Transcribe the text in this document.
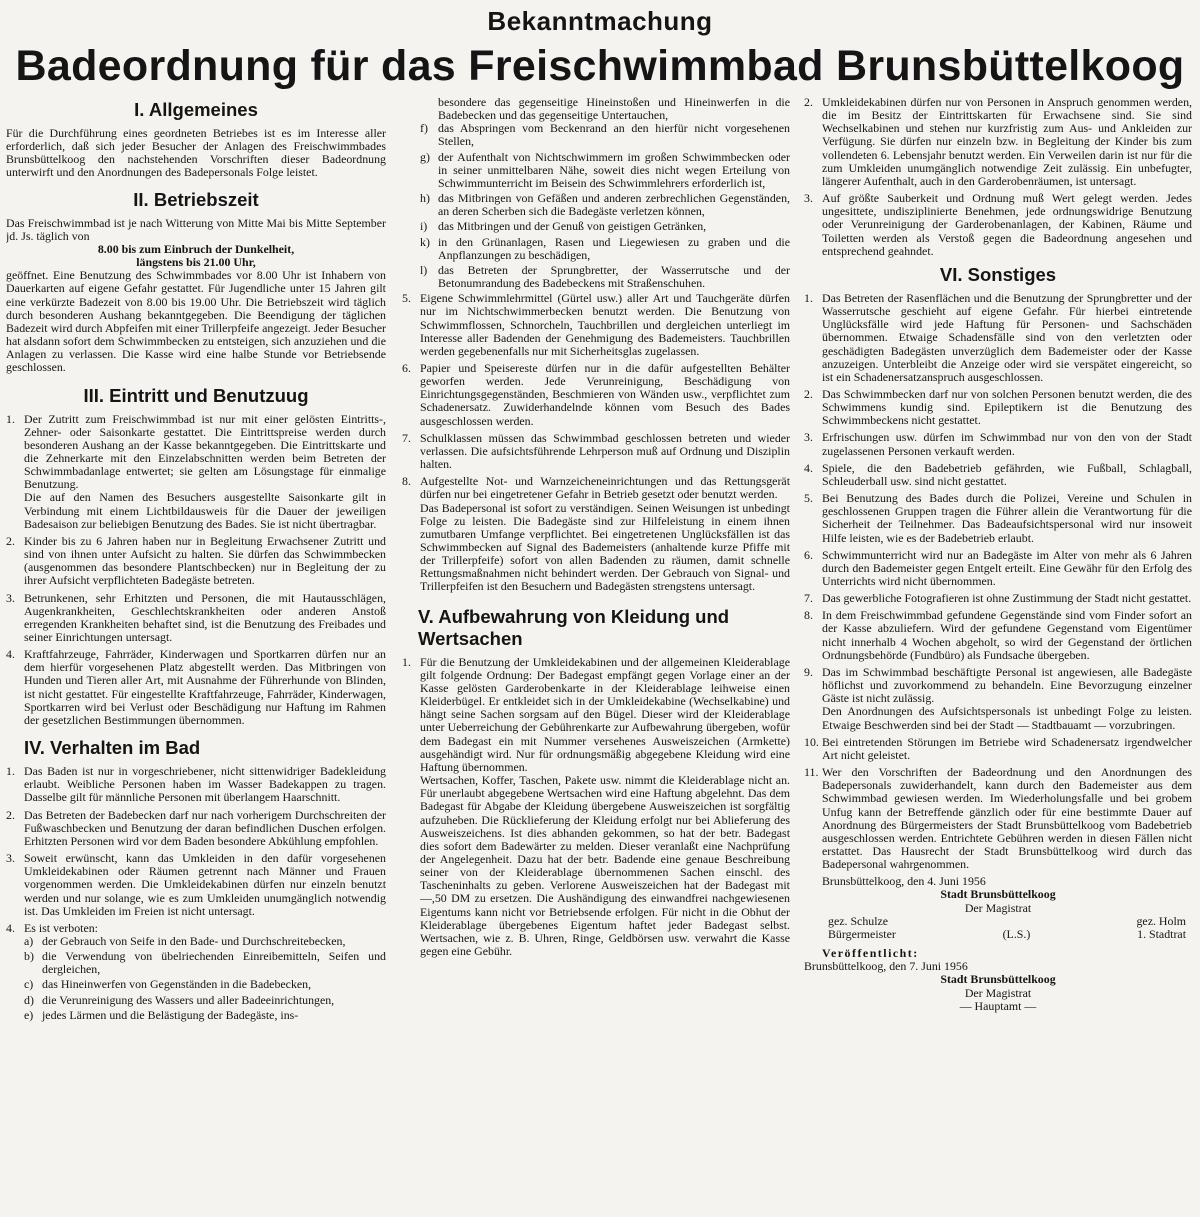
Bekanntmachung
Badeordnung für das Freischwimmbad Brunsbüttelkoog
I. Allgemeines

Für die Durchführung eines geordneten Betriebes ist es im Interesse aller erforderlich, daß sich jeder Besucher der Anlagen des Freischwimmbades Brunsbüttelkoog den nachstehenden Vorschriften dieser Badeordnung unterwirft und den Anordnungen des Badepersonals Folge leistet.

II. Betriebszeit

Das Freischwimmbad ist je nach Witterung von Mitte Mai bis Mitte September jd. Js. täglich von

8.00 bis zum Einbruch der Dunkelheit,

längstens bis 21.00 Uhr,

geöffnet. Eine Benutzung des Schwimmbades vor 8.00 Uhr ist Inhabern von Dauerkarten auf eigene Gefahr gestattet. Für Jugendliche unter 15 Jahren gilt eine verkürzte Badezeit von 8.00 bis 19.00 Uhr. Die Betriebszeit wird täglich durch besonderen Aushang bekanntgegeben. Die Beendigung der täglichen Badezeit wird durch Abpfeifen mit einer Trillerpfeife angezeigt. Jeder Besucher hat alsdann sofort dem Schwimmbecken zu entsteigen, sich anzuziehen und die Anlagen zu verlassen. Die Kasse wird eine halbe Stunde vor Betriebsende geschlossen.

III. Eintritt und Benutzuug
1. Der Zutritt zum Freischwimmbad ist nur mit einer gelösten Eintritts-, Zehner- oder Saisonkarte gestattet. Die Eintrittspreise werden durch besonderen Aushang an der Kasse bekanntgegeben. Die Eintrittskarte und die Zehnerkarte mit den Einzelabschnitten werden beim Betreten der Schwimmbadanlage entwertet; sie gelten am Lösungstage für einmalige Benutzung.

Die auf den Namen des Besuchers ausgestellte Saisonkarte gilt in Verbindung mit einem Lichtbildausweis für die Dauer der jeweiligen Badesaison zur beliebigen Benutzung des Bades. Sie ist nicht übertragbar.

2. Kinder bis zu 6 Jahren haben nur in Begleitung Erwachsener Zutritt und sind von ihnen unter Aufsicht zu halten. Sie dürfen das Schwimmbecken (ausgenommen das besondere Plantschbecken) nur in Begleitung der zu ihrer Aufsicht verpflichteten Badegäste betreten.

3. Betrunkenen, sehr Erhitzten und Personen, die mit Hautausschlägen, Augenkrankheiten, Geschlechtskrankheiten oder anderen Anstoß erregenden Krankheiten behaftet sind, ist die Benutzung des Freibades und seiner Einrichtungen untersagt.

4. Kraftfahrzeuge, Fahrräder, Kinderwagen und Sportkarren dürfen nur an dem hierfür vorgesehenen Platz abgestellt werden. Das Mitbringen von Hunden und Tieren aller Art, mit Ausnahme der Führerhunde von Blinden, ist nicht gestattet. Für eingestellte Kraftfahrzeuge, Fahrräder, Kinderwagen, Sportkarren wird bei Verlust oder Beschädigung nur Haftung im Rahmen der gesetzlichen Bestimmungen übernommen.

IV. Verhalten im Bad
1. Das Baden ist nur in vorgeschriebener, nicht sittenwidriger Badekleidung erlaubt. Weibliche Personen haben im Wasser Badekappen zu tragen. Dasselbe gilt für männliche Personen mit überlangem Haarschnitt.

2. Das Betreten der Badebecken darf nur nach vorherigem Durchschreiten der Fußwaschbecken und Benutzung der daran befindlichen Duschen erfolgen. Erhitzten Personen wird vor dem Baden besondere Abkühlung empfohlen.

3. Soweit erwünscht, kann das Umkleiden in den dafür vorgesehenen Umkleidekabinen oder Räumen getrennt nach Männer und Frauen vorgenommen werden. Die Umkleidekabinen dürfen nur einzeln benutzt werden und nur solange, wie es zum Umkleiden unumgänglich notwendig ist. Das Umkleiden im Freien ist nicht untersagt.

4. Es ist verboten:

a) der Gebrauch von Seife in den Bade- und Durchschreitebecken,
b) die Verwendung von übelriechenden Einreibemitteln, Seifen und dergleichen,
c) das Hineinwerfen von Gegenständen in die Badebecken,
d) die Verunreinigung des Wassers und aller Badeeinrichtungen,
e) jedes Lärmen und die Belästigung der Badegäste, ins-

besondere das gegenseitige Hineinstoßen und Hineinwerfen in die Badebecken und das gegenseitige Untertauchen,

f) das Abspringen vom Beckenrand an den hierfür nicht vorgesehenen Stellen,
g) der Aufenthalt von Nichtschwimmern im großen Schwimmbecken oder in seiner unmittelbaren Nähe, soweit dies nicht wegen Erteilung von Schwimmunterricht im Beisein des Schwimmlehrers erforderlich ist,
h) das Mitbringen von Gefäßen und anderen zerbrechlichen Gegenständen, an deren Scherben sich die Badegäste verletzen können,
i) das Mitbringen und der Genuß von geistigen Getränken,
k) in den Grünanlagen, Rasen und Liegewiesen zu graben und die Anpflanzungen zu beschädigen,
l) das Betreten der Sprungbretter, der Wasserrutsche und der Betonumrandung des Badebeckens mit Straßenschuhen.
5. Eigene Schwimmlehrmittel (Gürtel usw.) aller Art und Tauchgeräte dürfen nur im Nichtschwimmerbecken benutzt werden. Die Benutzung von Schwimmflossen, Schnorcheln, Tauchbrillen und dergleichen unterliegt im Interesse aller Badenden der Genehmigung des Bademeisters. Tauchbrillen werden gegebenenfalls nur mit Sicherheitsglas zugelassen.

6. Papier und Speisereste dürfen nur in die dafür aufgestellten Behälter geworfen werden. Jede Verunreinigung, Beschädigung von Einrichtungsgegenständen, Beschmieren von Wänden usw., verpflichtet zum Schadenersatz. Zuwiderhandelnde können vom Besuch des Bades ausgeschlossen werden.

7. Schulklassen müssen das Schwimmbad geschlossen betreten und wieder verlassen. Die aufsichtsführende Lehrperson muß auf Ordnung und Disziplin halten.

8. Aufgestellte Not- und Warnzeicheneinrichtungen und das Rettungsgerät dürfen nur bei eingetretener Gefahr in Betrieb gesetzt oder benutzt werden.

Das Badepersonal ist sofort zu verständigen. Seinen Weisungen ist unbedingt Folge zu leisten. Die Badegäste sind zur Hilfeleistung in einem ihnen zumutbaren Umfange verpflichtet. Bei eingetretenen Unglücksfällen ist das Schwimmbecken auf Signal des Bademeisters (anhaltende kurze Pfiffe mit der Trillerpfeife) sofort von allen Badenden zu räumen, damit schnelle Rettungsmaßnahmen nicht behindert werden. Der Gebrauch von Signal- und Trillerpfeifen ist den Besuchern und Badegästen strengstens untersagt.

V. Aufbewahrung von Kleidung und Wertsachen
1. Für die Benutzung der Umkleidekabinen und der allgemeinen Kleiderablage gilt folgende Ordnung: Der Badegast empfängt gegen Vorlage einer an der Kasse gelösten Garderobenkarte in der Kleiderablage leihweise einen Kleiderbügel. Er entkleidet sich in der Umkleidekabine (Wechselkabine) und hängt seine Sachen sorgsam auf den Bügel. Dieser wird der Kleiderablage unter Ueberreichung der Gebührenkarte zur Aufbewahrung übergeben, wofür dem Badegast ein mit Nummer versehenes Ausweiszeichen (Armkette) ausgehändigt wird. Nur für ordnungsmäßig abgegebene Kleidung wird eine Haftung übernommen.

Wertsachen, Koffer, Taschen, Pakete usw. nimmt die Kleiderablage nicht an. Für unerlaubt abgegebene Wertsachen wird eine Haftung abgelehnt. Das dem Badegast für Abgabe der Kleidung übergebene Ausweiszeichen ist sorgfältig aufzuheben. Die Rücklieferung der Kleidung erfolgt nur bei Ablieferung des Ausweiszeichens. Ist dies abhanden gekommen, so hat der betr. Badegast dies sofort dem Badewärter zu melden. Dieser veranlaßt eine Nachprüfung der Angelegenheit. Dazu hat der betr. Badende eine genaue Beschreibung seiner von der Kleiderablage übernommenen Sachen einschl. des Tascheninhalts zu geben. Verlorene Ausweiszeichen hat der Badegast mit —,50 DM zu ersetzen. Die Aushändigung des einwandfrei nachgewiesenen Eigentums kann nicht vor Betriebsende erfolgen. Für nicht in die Obhut der Kleiderablage übergebenes Eigentum haftet jeder Badegast selbst. Wertsachen, wie z. B. Uhren, Ringe, Geldbörsen usw. verwahrt die Kasse gegen eine Gebühr.

2. Umkleidekabinen dürfen nur von Personen in Anspruch genommen werden, die im Besitz der Eintrittskarten für Erwachsene sind. Sie sind Wechselkabinen und stehen nur kurzfristig zum Aus- und Ankleiden zur Verfügung. Sie dürfen nur einzeln bzw. in Begleitung der Kinder bis zum vollendeten 6. Lebensjahr benutzt werden. Ein Verweilen darin ist nur für die zum Umkleiden unumgänglich notwendige Zeit zulässig. Ein unbefugter, längerer Aufenthalt, auch in den Garderobenräumen, ist untersagt.

3. Auf größte Sauberkeit und Ordnung muß Wert gelegt werden. Jedes ungesittete, undisziplinierte Benehmen, jede ordnungswidrige Benutzung oder Verunreinigung der Garderobenanlagen, der Kabinen, Räume und Toiletten werden als Verstoß gegen die Badeordnung angesehen und entsprechend geahndet.

VI. Sonstiges
1. Das Betreten der Rasenflächen und die Benutzung der Sprungbretter und der Wasserrutsche geschieht auf eigene Gefahr. Für hierbei eintretende Unglücksfälle wird jede Haftung für Personen- und Sachschäden übernommen. Etwaige Schadensfälle sind von den verletzten oder geschädigten Badegästen unverzüglich dem Bademeister oder der Kasse anzuzeigen. Unterbleibt die Anzeige oder wird sie verspätet eingereicht, so ist ein Schadenersatzanspruch ausgeschlossen.

2. Das Schwimmbecken darf nur von solchen Personen benutzt werden, die des Schwimmens kundig sind. Epileptikern ist die Benutzung des Schwimmbeckens nicht gestattet.

3. Erfrischungen usw. dürfen im Schwimmbad nur von den von der Stadt zugelassenen Personen verkauft werden.

4. Spiele, die den Badebetrieb gefährden, wie Fußball, Schlagball, Schleuderball usw. sind nicht gestattet.

5. Bei Benutzung des Bades durch die Polizei, Vereine und Schulen in geschlossenen Gruppen tragen die Führer allein die Verantwortung für die Sicherheit der Teilnehmer. Das Badeaufsichtspersonal wird nur insoweit Hilfe leisten, wie es der Badebetrieb erlaubt.

6. Schwimmunterricht wird nur an Badegäste im Alter von mehr als 6 Jahren durch den Bademeister gegen Entgelt erteilt. Eine Gewähr für den Erfolg des Unterrichts wird nicht übernommen.

7. Das gewerbliche Fotografieren ist ohne Zustimmung der Stadt nicht gestattet.

8. In dem Freischwimmbad gefundene Gegenstände sind vom Finder sofort an der Kasse abzuliefern. Wird der gefundene Gegenstand vom Eigentümer nicht innerhalb 4 Wochen abgeholt, so wird der Gegenstand der örtlichen Ordnungsbehörde (Fundbüro) als Fundsache übergeben.

9. Das im Schwimmbad beschäftigte Personal ist angewiesen, alle Badegäste höflichst und zuvorkommend zu behandeln. Eine Bevorzugung einzelner Gäste ist nicht zulässig.

Den Anordnungen des Aufsichtspersonals ist unbedingt Folge zu leisten. Etwaige Beschwerden sind bei der Stadt — Stadtbauamt — vorzubringen.

10. Bei eintretenden Störungen im Betriebe wird Schadenersatz irgendwelcher Art nicht geleistet.

11. Wer den Vorschriften der Badeordnung und den Anordnungen des Badepersonals zuwiderhandelt, kann durch den Bademeister aus dem Schwimmbad gewiesen werden. Im Wiederholungsfalle und bei grobem Unfug kann der Betreffende gänzlich oder für eine bestimmte Dauer auf Anordnung des Bürgermeisters der Stadt Brunsbüttelkoog vom Badebetrieb ausgeschlossen werden. Entrichtete Gebühren werden in diesen Fällen nicht erstattet. Das Hausrecht der Stadt Brunsbüttelkoog wird durch das Badepersonal wahrgenommen.

Brunsbüttelkoog, den 4. Juni 1956

Stadt Brunsbüttelkoog

Der Magistrat

gez. Schulze	gez. Holm
Bürgermeister	(L.S.)	1. Stadtrat

Veröffentlicht:

Brunsbüttelkoog, den 7. Juni 1956

Stadt Brunsbüttelkoog

Der Magistrat

— Hauptamt —
